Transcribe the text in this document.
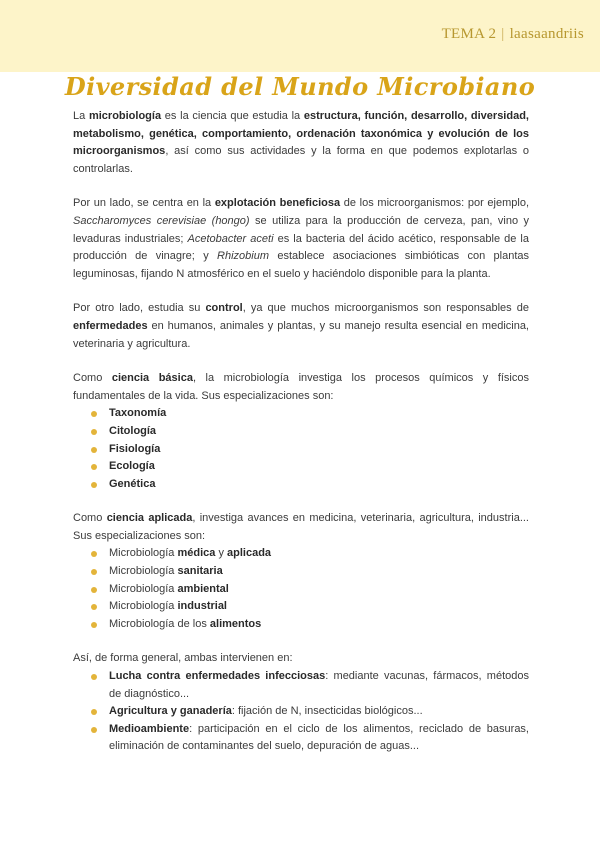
TEMA 2 | laasaandriis
Diversidad del Mundo Microbiano

La microbiología es la ciencia que estudia la estructura, función, desarrollo, diversidad, metabolismo, genética, comportamiento, ordenación taxonómica y evolución de los microorganismos, así como sus actividades y la forma en que podemos explotarlas o controlarlas.

Por un lado, se centra en la explotación beneficiosa de los microorganismos: por ejemplo, Saccharomyces cerevisiae (hongo) se utiliza para la producción de cerveza, pan, vino y levaduras industriales; Acetobacter aceti es la bacteria del ácido acético, responsable de la producción de vinagre; y Rhizobium establece asociaciones simbióticas con plantas leguminosas, fijando N atmosférico en el suelo y haciéndolo disponible para la planta.

Por otro lado, estudia su control, ya que muchos microorganismos son responsables de enfermedades en humanos, animales y plantas, y su manejo resulta esencial en medicina, veterinaria y agricultura.

Como ciencia básica, la microbiología investiga los procesos químicos y físicos fundamentales de la vida. Sus especializaciones son:

Taxonomía
Citología
Fisiología
Ecología
Genética

Como ciencia aplicada, investiga avances en medicina, veterinaria, agricultura, industria... Sus especializaciones son:

Microbiología médica y aplicada
Microbiología sanitaria
Microbiología ambiental
Microbiología industrial
Microbiología de los alimentos

Así, de forma general, ambas intervienen en:

Lucha contra enfermedades infecciosas: mediante vacunas, fármacos, métodos de diagnóstico...
Agricultura y ganadería: fijación de N, insecticidas biológicos...
Medioambiente: participación en el ciclo de los alimentos, reciclado de basuras, eliminación de contaminantes del suelo, depuración de aguas...
